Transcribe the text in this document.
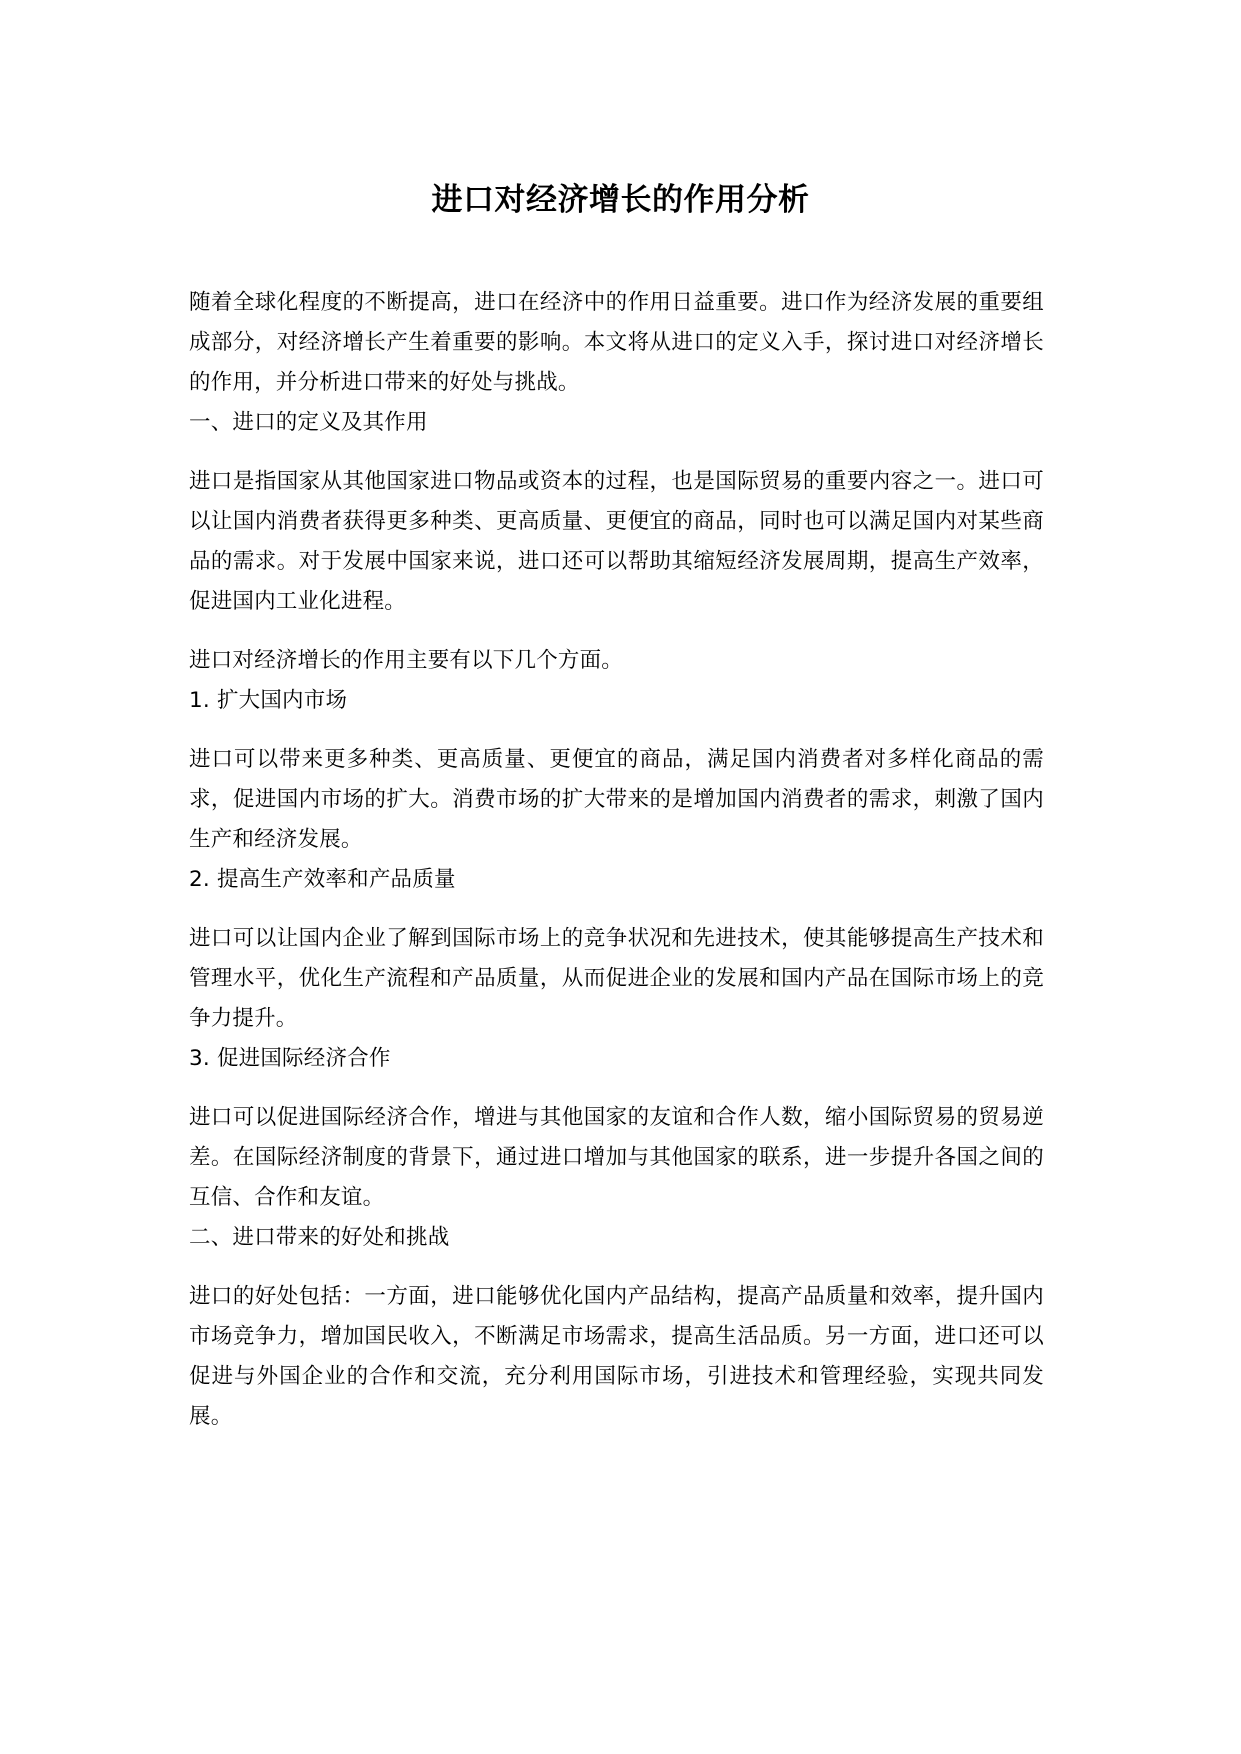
进口对经济增长的作用分析

随着全球化程度的不断提高，进口在经济中的作用日益重要。进口作为经济发展的重要组成部分，对经济增长产生着重要的影响。本文将从进口的定义入手，探讨进口对经济增长的作用，并分析进口带来的好处与挑战。

一、进口的定义及其作用

进口是指国家从其他国家进口物品或资本的过程，也是国际贸易的重要内容之一。进口可以让国内消费者获得更多种类、更高质量、更便宜的商品，同时也可以满足国内对某些商品的需求。对于发展中国家来说，进口还可以帮助其缩短经济发展周期，提高生产效率，促进国内工业化进程。

进口对经济增长的作用主要有以下几个方面。

1. 扩大国内市场

进口可以带来更多种类、更高质量、更便宜的商品，满足国内消费者对多样化商品的需求，促进国内市场的扩大。消费市场的扩大带来的是增加国内消费者的需求，刺激了国内生产和经济发展。

2. 提高生产效率和产品质量

进口可以让国内企业了解到国际市场上的竞争状况和先进技术，使其能够提高生产技术和管理水平，优化生产流程和产品质量，从而促进企业的发展和国内产品在国际市场上的竞争力提升。

3. 促进国际经济合作

进口可以促进国际经济合作，增进与其他国家的友谊和合作人数，缩小国际贸易的贸易逆差。在国际经济制度的背景下，通过进口增加与其他国家的联系，进一步提升各国之间的互信、合作和友谊。

二、进口带来的好处和挑战

进口的好处包括：一方面，进口能够优化国内产品结构，提高产品质量和效率，提升国内市场竞争力，增加国民收入，不断满足市场需求，提高生活品质。另一方面，进口还可以促进与外国企业的合作和交流，充分利用国际市场，引进技术和管理经验，实现共同发展。
